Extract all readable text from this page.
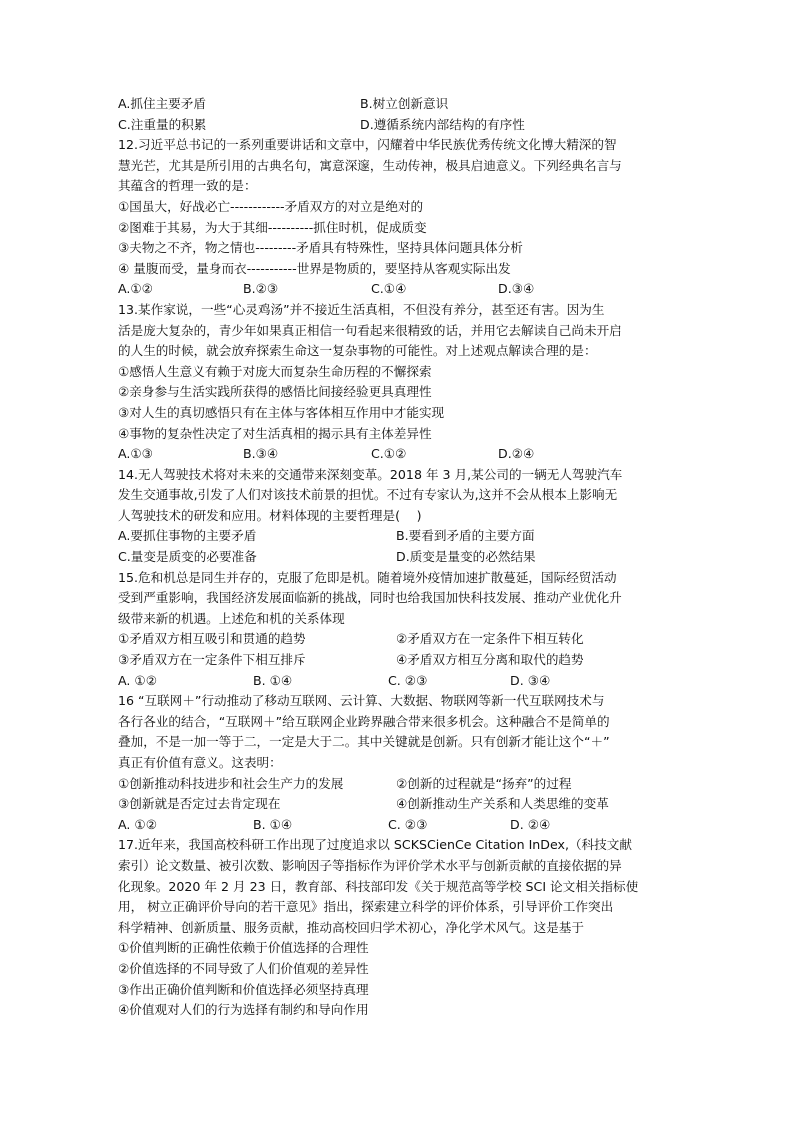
A.抓住主要矛盾	B.树立创新意识
C.注重量的积累	D.遵循系统内部结构的有序性
12.习近平总书记的一系列重要讲话和文章中，闪耀着中华民族优秀传统文化博大精深的智
慧光芒，尤其是所引用的古典名句，寓意深邃，生动传神，极具启迪意义。下列经典名言与
其蕴含的哲理一致的是：
①国虽大，好战必亡------------矛盾双方的对立是绝对的
②图难于其易，为大于其细----------抓住时机，促成质变
③夫物之不齐，物之情也---------矛盾具有特殊性，坚持具体问题具体分析
④ 量腹而受，量身而衣-----------世界是物质的，要坚持从客观实际出发
A.①②	B.②③	C.①④	D.③④
13.某作家说，一些“心灵鸡汤”并不接近生活真相，不但没有养分，甚至还有害。因为生
活是庞大复杂的，青少年如果真正相信一句看起来很精致的话，并用它去解读自己尚未开启
的人生的时候，就会放弃探索生命这一复杂事物的可能性。对上述观点解读合理的是：
①感悟人生意义有赖于对庞大而复杂生命历程的不懈探索
②亲身参与生活实践所获得的感悟比间接经验更具真理性
③对人生的真切感悟只有在主体与客体相互作用中才能实现
④事物的复杂性决定了对生活真相的揭示具有主体差异性
A.①③	B.③④	C.①②	D.②④
14.无人驾驶技术将对未来的交通带来深刻变革。2018 年 3 月,某公司的一辆无人驾驶汽车
发生交通事故,引发了人们对该技术前景的担忧。不过有专家认为,这并不会从根本上影响无
人驾驶技术的研发和应用。材料体现的主要哲理是(　 )
A.要抓住事物的主要矛盾	B.要看到矛盾的主要方面
C.量变是质变的必要准备	D.质变是量变的必然结果
15.危和机总是同生并存的，克服了危即是机。随着境外疫情加速扩散蔓延，国际经贸活动
受到严重影响，我国经济发展面临新的挑战，同时也给我国加快科技发展、推动产业优化升
级带来新的机遇。上述危和机的关系体现
①矛盾双方相互吸引和贯通的趋势	②矛盾双方在一定条件下相互转化
③矛盾双方在一定条件下相互排斥	④矛盾双方相互分离和取代的趋势
A. ①②	B. ①④	C. ②③	D. ③④
16 “互联网＋”行动推动了移动互联网、云计算、大数据、物联网等新一代互联网技术与
各行各业的结合，“互联网＋”给互联网企业跨界融合带来很多机会。这种融合不是简单的
叠加，不是一加一等于二，一定是大于二。其中关键就是创新。只有创新才能让这个“＋”
真正有价值有意义。这表明：
①创新推动科技进步和社会生产力的发展	②创新的过程就是“扬弃”的过程
③创新就是否定过去肯定现在	④创新推动生产关系和人类思维的变革
A. ①②	B. ①④	C. ②③	D. ②④
17.近年来，我国高校科研工作出现了过度追求以 SCKSCienCe Citation InDex,（科技文献
索引）论文数量、被引次数、影响因子等指标作为评价学术水平与创新贡献的直接依据的异
化现象。2020 年 2 月 23 日，教育部、科技部印发《关于规范高等学校 SCI 论文相关指标使
用， 树立正确评价导向的若干意见》指出，探索建立科学的评价体系，引导评价工作突出
科学精神、创新质量、服务贡献，推动高校回归学术初心，净化学术风气。这是基于
①价值判断的正确性依赖于价值选择的合理性
②价值选择的不同导致了人们价值观的差异性
③作出正确价值判断和价值选择必须坚持真理
④价值观对人们的行为选择有制约和导向作用
